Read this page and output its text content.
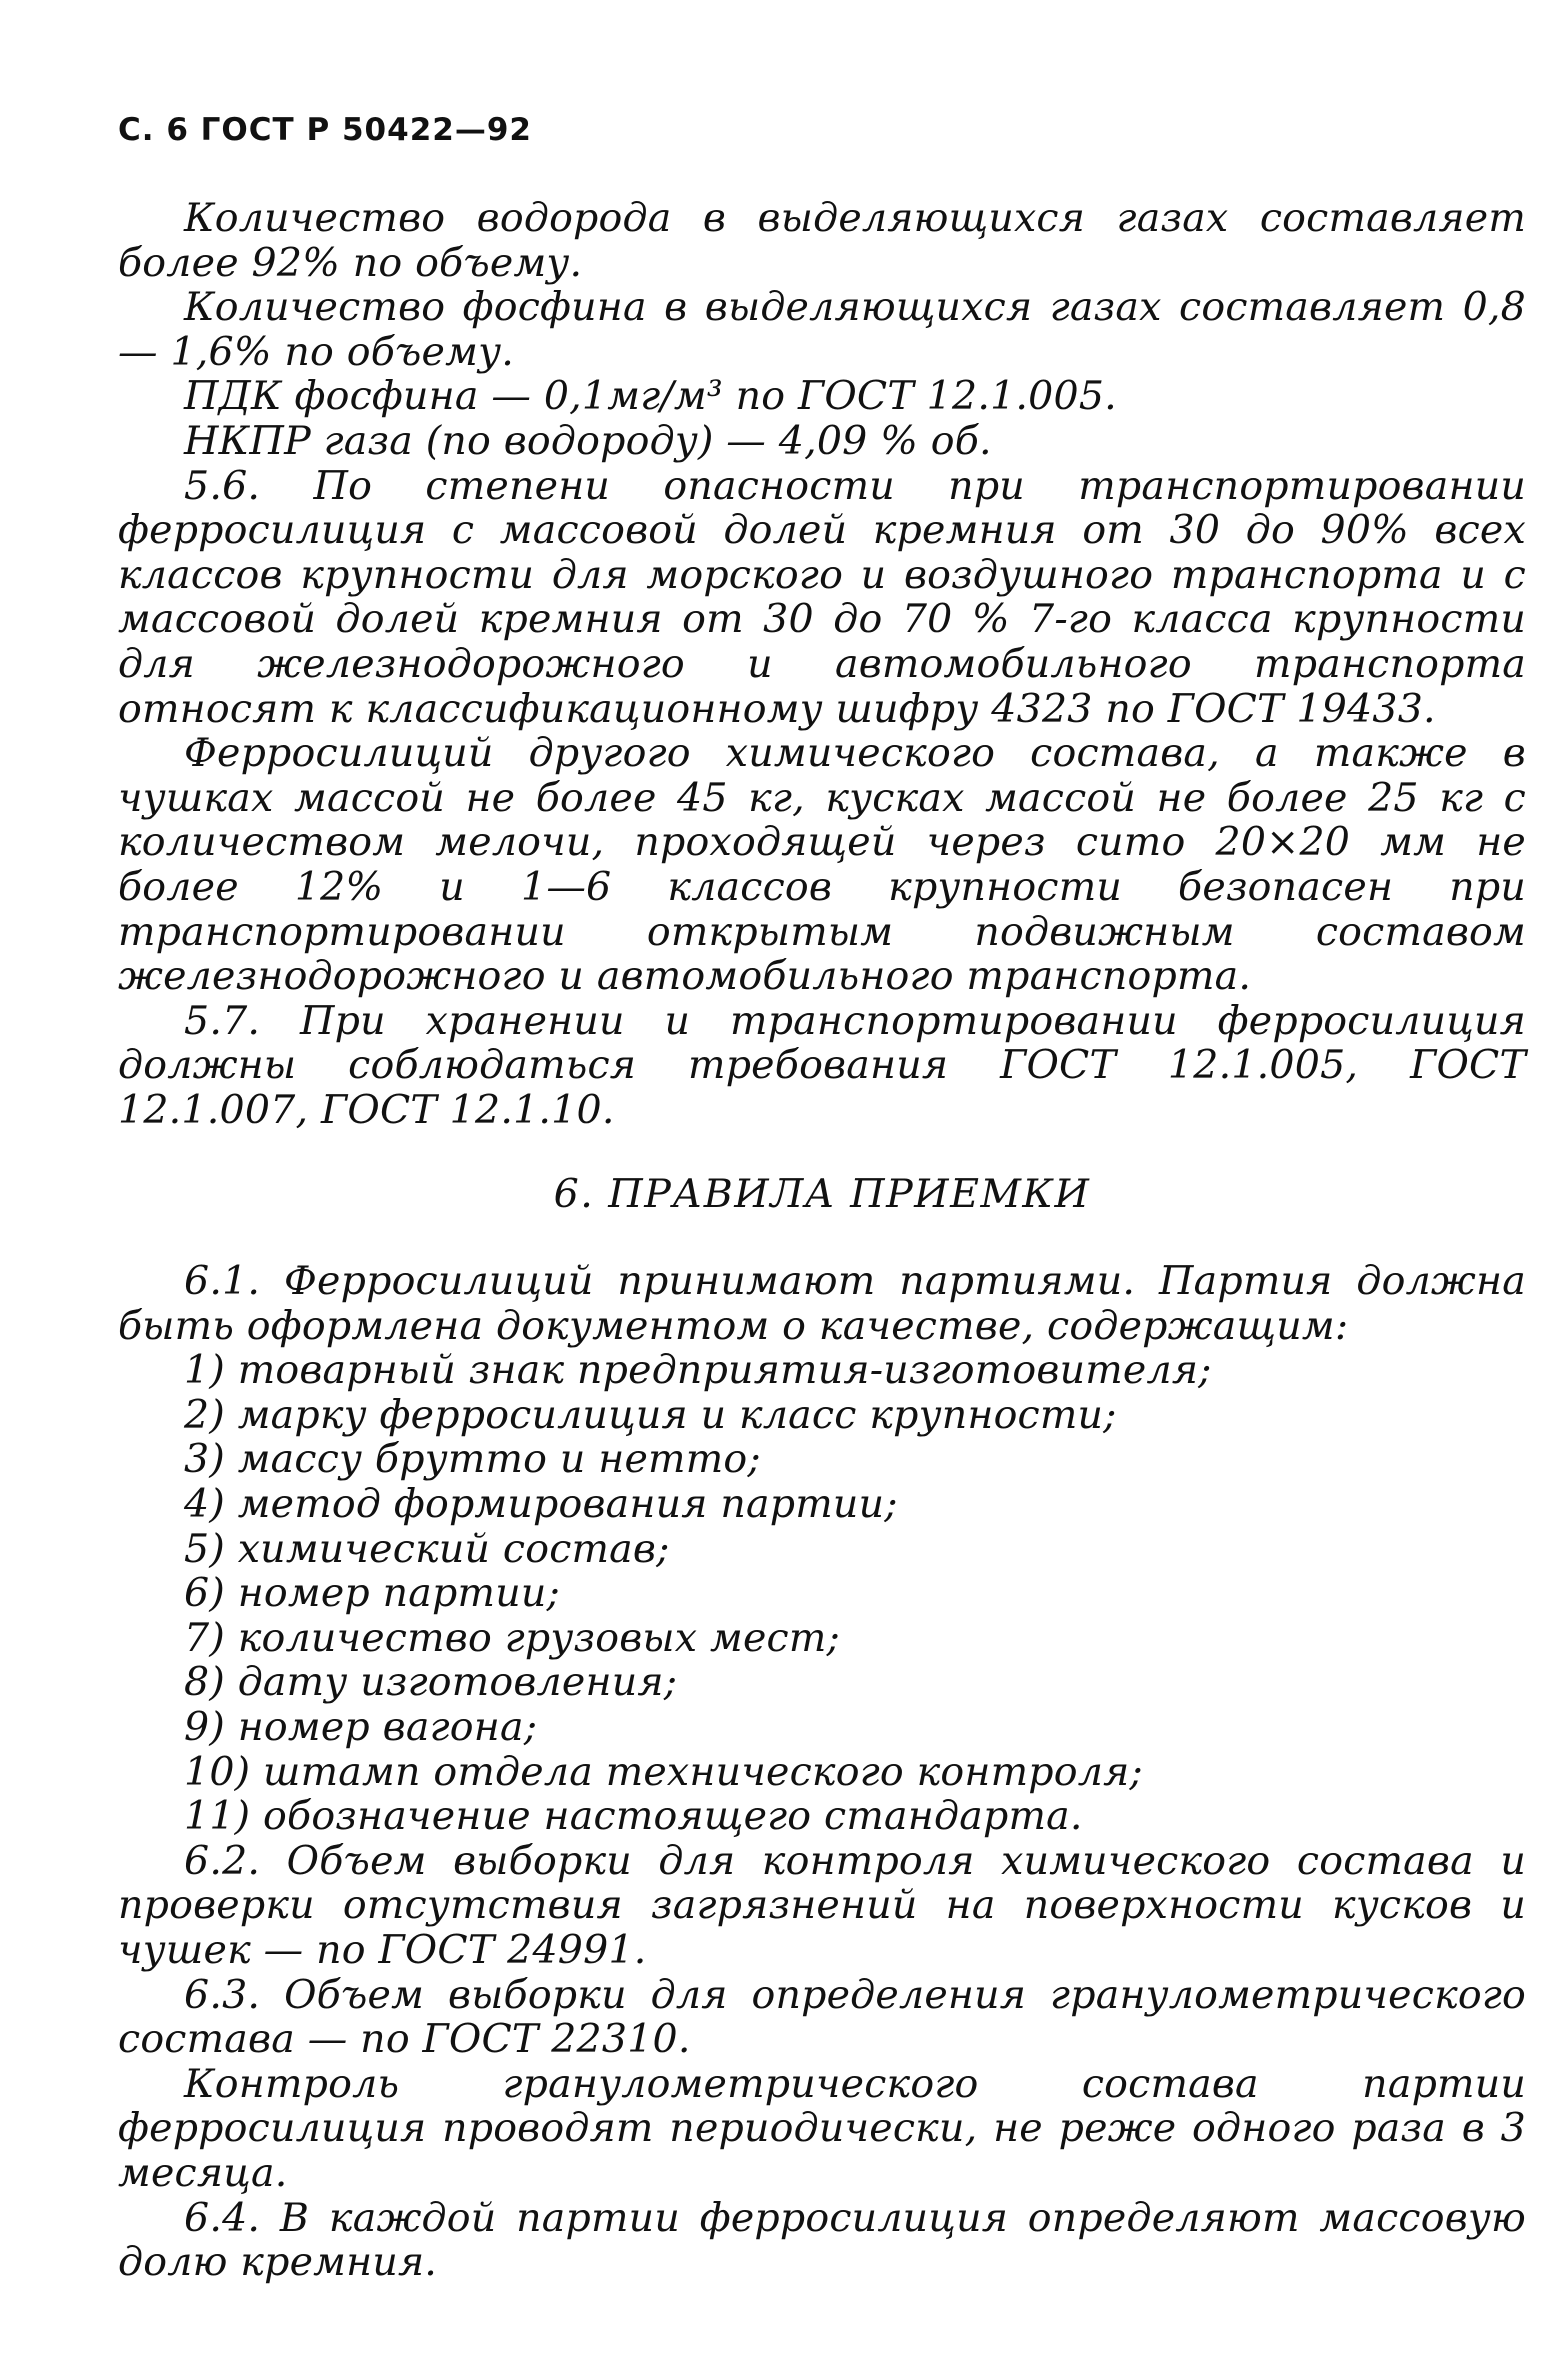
С. 6 ГОСТ Р 50422—92

Количество водорода в выделяющихся газах составляет более 92% по объему.

Количество фосфина в выделяющихся газах составляет 0,8 — 1,6% по объему.

ПДК фосфина — 0,1мг/м³ по ГОСТ 12.1.005.

НКПР газа (по водороду) — 4,09 % об.

5.6. По степени опасности при транспортировании ферросилиция с массовой долей кремния от 30 до 90% всех классов крупности для морского и воздушного транспорта и с массовой долей кремния от 30 до 70 % 7-го класса крупности для железнодорожного и автомобильного транспорта относят к классификационному шифру 4323 по ГОСТ 19433.

Ферросилиций другого химического состава, а также в чушках массой не более 45 кг, кусках массой не более 25 кг с количеством мелочи, проходящей через сито 20×20 мм не более 12% и 1—6 классов крупности безопасен при транспортировании открытым подвижным составом железнодорожного и автомобильного транспорта.

5.7. При хранении и транспортировании ферросилиция должны соблюдаться требования ГОСТ 12.1.005, ГОСТ 12.1.007, ГОСТ 12.1.10.

6. ПРАВИЛА ПРИЕМКИ

6.1. Ферросилиций принимают партиями. Партия должна быть оформлена документом о качестве, содержащим:

1) товарный знак предприятия-изготовителя;
2) марку ферросилиция и класс крупности;
3) массу брутто и нетто;
4) метод формирования партии;
5) химический состав;
6) номер партии;
7) количество грузовых мест;
8) дату изготовления;
9) номер вагона;
10) штамп отдела технического контроля;
11) обозначение настоящего стандарта.

6.2. Объем выборки для контроля химического состава и проверки отсутствия загрязнений на поверхности кусков и чушек — по ГОСТ 24991.

6.3. Объем выборки для определения гранулометрического состава — по ГОСТ 22310.

Контроль гранулометрического состава партии ферросилиция проводят периодически, не реже одного раза в 3 месяца.

6.4. В каждой партии ферросилиция определяют массовую долю кремния.
